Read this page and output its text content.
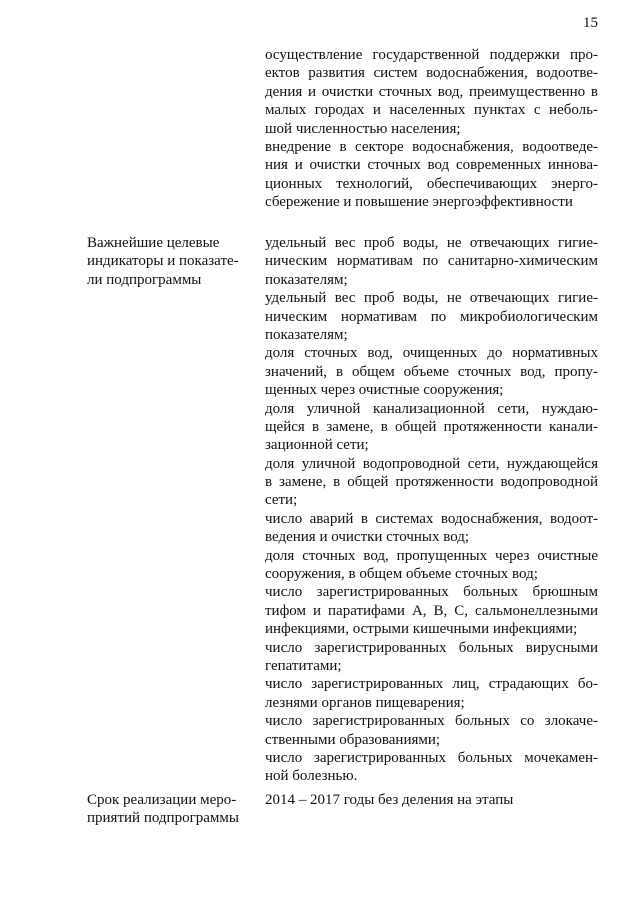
15
осуществление государственной поддержки про-
ектов развития систем водоснабжения, водоотве-
дения и очистки сточных вод, преимущественно в
малых городах и населенных пунктах с неболь-
шой численностью населения;
внедрение в секторе водоснабжения, водоотведе-
ния и очистки сточных вод современных иннова-
ционных технологий, обеспечивающих энерго-
сбережение и повышение энергоэффективности
Важнейшие целевые
индикаторы и показате-
ли подпрограммы
удельный вес проб воды, не отвечающих гигие-
ническим нормативам по санитарно-химическим
показателям;
удельный вес проб воды, не отвечающих гигие-
ническим нормативам по микробиологическим
показателям;
доля сточных вод, очищенных до нормативных
значений, в общем объеме сточных вод, пропу-
щенных через очистные сооружения;
доля уличной канализационной сети, нуждаю-
щейся в замене, в общей протяженности канали-
зационной сети;
доля уличной водопроводной сети, нуждающейся
в замене, в общей протяженности водопроводной
сети;
число аварий в системах водоснабжения, водоот-
ведения и очистки сточных вод;
доля сточных вод, пропущенных через очистные
сооружения, в общем объеме сточных вод;
число зарегистрированных больных брюшным
тифом и паратифами A, B, C, сальмонеллезными
инфекциями, острыми кишечными инфекциями;
число зарегистрированных больных вирусными
гепатитами;
число зарегистрированных лиц, страдающих бо-
лезнями органов пищеварения;
число зарегистрированных больных со злокаче-
ственными образованиями;
число зарегистрированных больных мочекамен-
ной болезнью.
Срок реализации меро-
приятий подпрограммы
2014 – 2017 годы без деления на этапы
